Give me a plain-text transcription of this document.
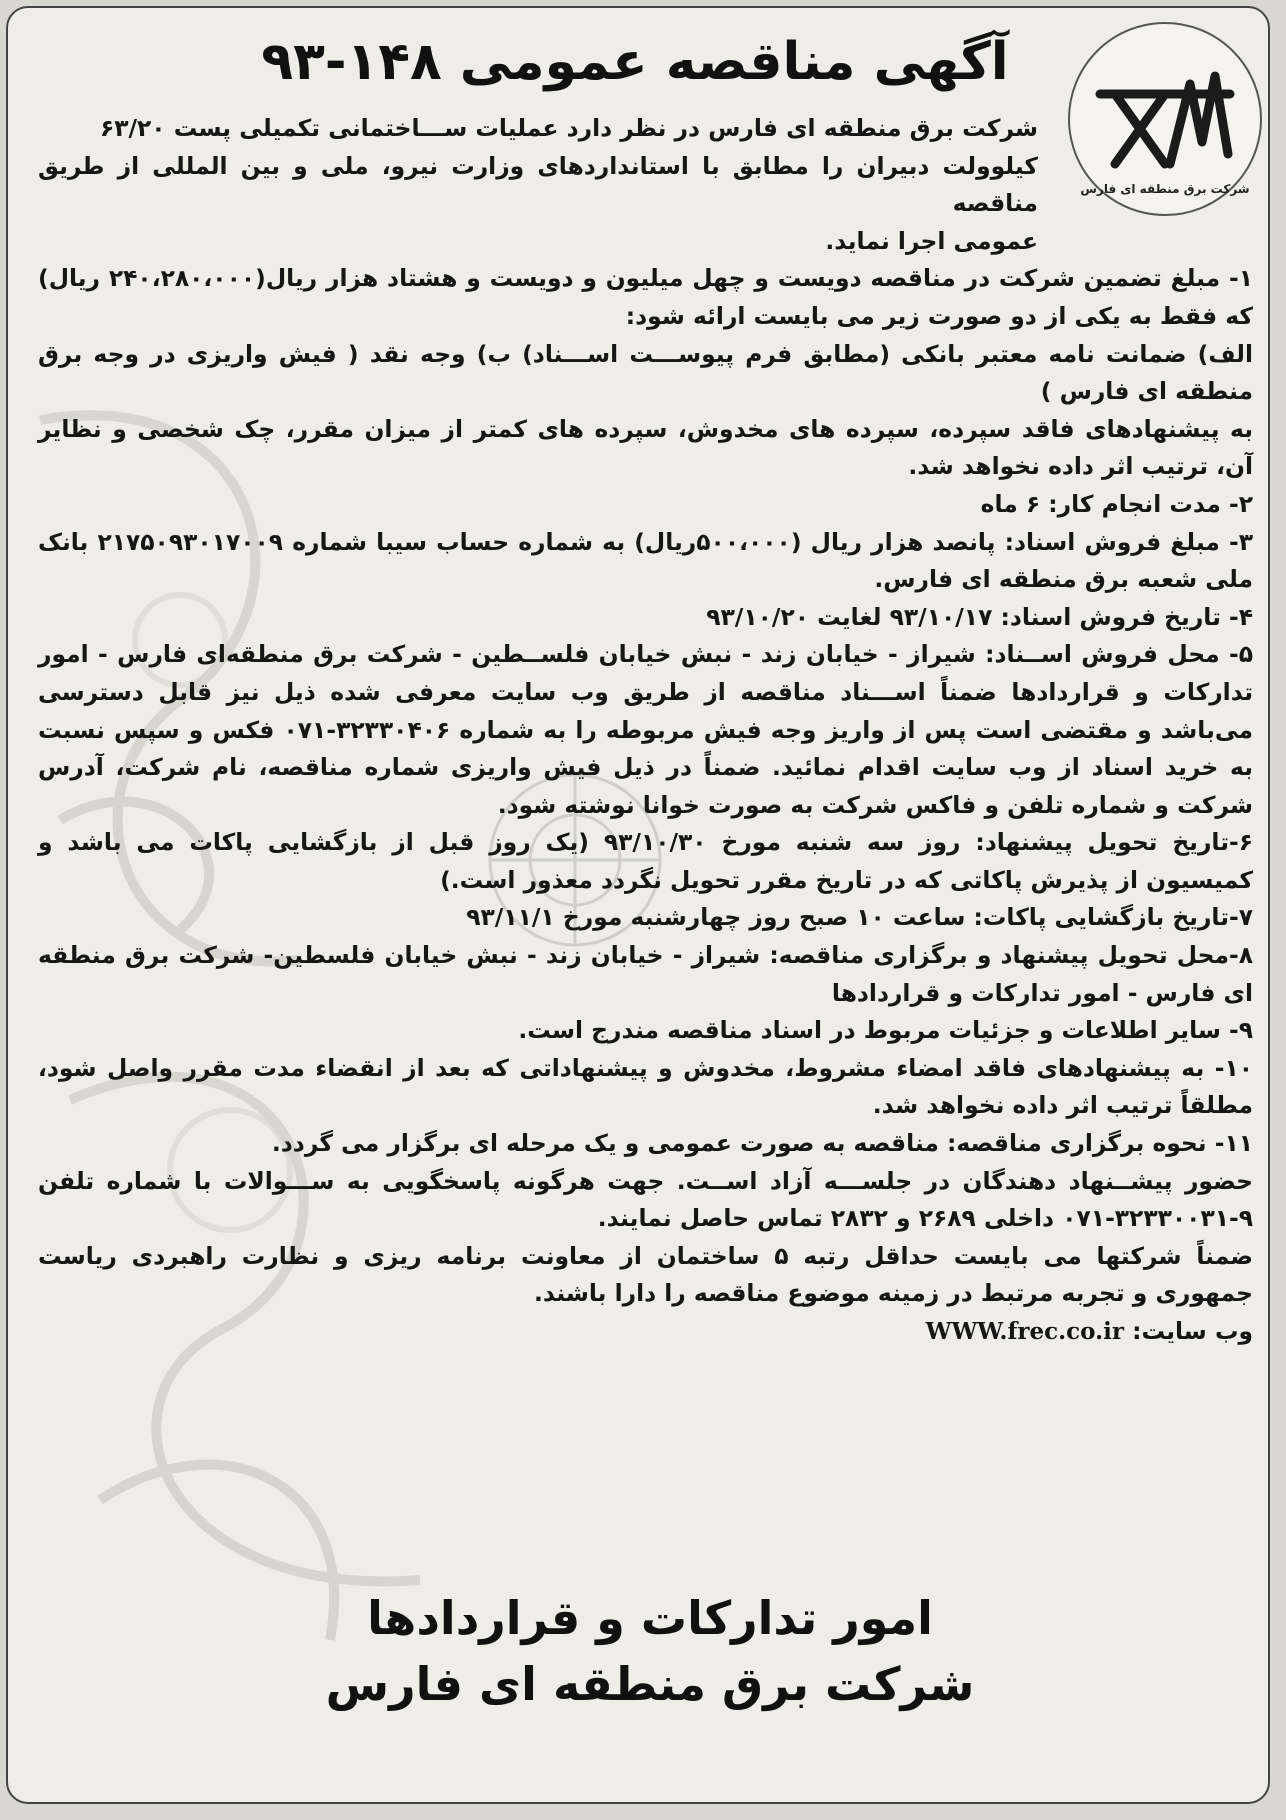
شرکت برق منطقه ای فارس
آگهی مناقصه عمومی ۱۴۸-۹۳

شرکت برق منطقه ای فارس در نظر دارد عملیات ســـاختمانی تکمیلی پست ۶۳/۲۰

کیلوولت دبیران را مطابق با استانداردهای وزارت نیرو، ملی و بین المللی از طریق مناقصه

عمومی اجرا نماید.

۱- مبلغ تضمین شرکت در مناقصه دویست و چهل میلیون و دویست و هشتاد هزار ریال(۲۴۰،۲۸۰،۰۰۰ ریال) که فقط به یکی از دو صورت زیر می بایست ارائه شود:

الف) ضمانت نامه معتبر بانکی (مطابق فرم پیوســـت اســـناد) ب) وجه نقد ( فیش واریزی در وجه برق منطقه ای فارس )

به پیشنهادهای فاقد سپرده، سپرده های مخدوش، سپرده های کمتر از میزان مقرر، چک شخصی و نظایر آن، ترتیب اثر داده نخواهد شد.

۲- مدت انجام کار: ۶ ماه

۳- مبلغ فروش اسناد: پانصد هزار ریال (۵۰۰،۰۰۰ریال) به شماره حساب سیبا شماره ۲۱۷۵۰۹۳۰۱۷۰۰۹ بانک ملی شعبه برق منطقه ای فارس.

۴- تاریخ فروش اسناد: ۹۳/۱۰/۱۷ لغایت ۹۳/۱۰/۲۰

۵- محل فروش اســناد: شیراز - خیابان زند - نبش خیابان فلســطین - شرکت برق منطقه‌ای فارس - امور تدارکات و قراردادها ضمناً اســـناد مناقصه از طریق وب سایت معرفی شده ذیل نیز قابل دسترسی می‌باشد و مقتضی است پس از واریز وجه فیش مربوطه را به شماره ۳۲۳۳۰۴۰۶-۰۷۱ فکس و سپس نسبت به خرید اسناد از وب سایت اقدام نمائید. ضمناً در ذیل فیش واریزی شماره مناقصه، نام شرکت، آدرس شرکت و شماره تلفن و فاکس شرکت به صورت خوانا نوشته شود.

۶-تاریخ تحویل پیشنهاد: روز سه شنبه مورخ ۹۳/۱۰/۳۰ (یک روز قبل از بازگشایی پاکات می باشد و کمیسیون از پذیرش پاکاتی که در تاریخ مقرر تحویل نگردد معذور است.)

۷-تاریخ بازگشایی پاکات: ساعت ۱۰ صبح روز چهارشنبه مورخ ۹۳/۱۱/۱

۸-محل تحویل پیشنهاد و برگزاری مناقصه: شیراز - خیابان زند - نبش خیابان فلسطین- شرکت برق منطقه ای فارس - امور تدارکات و قراردادها

۹- سایر اطلاعات و جزئیات مربوط در اسناد مناقصه مندرج است.

۱۰- به پیشنهادهای فاقد امضاء مشروط، مخدوش و پیشنهاداتی که بعد از انقضاء مدت مقرر واصل شود، مطلقاً ترتیب اثر داده نخواهد شد.

۱۱- نحوه برگزاری مناقصه: مناقصه به صورت عمومی و یک مرحله ای برگزار می گردد.

حضور پیشــنهاد دهندگان در جلســـه آزاد اســت. جهت هرگونه پاسخگویی به ســـوالات با شماره تلفن ۹-۳۲۳۳۰۰۳۱-۰۷۱ داخلی ۲۶۸۹ و ۲۸۳۲ تماس حاصل نمایند.

ضمناً شرکتها می بایست حداقل رتبه ۵ ساختمان از معاونت برنامه ریزی و نظارت راهبردی ریاست جمهوری و تجربه مرتبط در زمینه موضوع مناقصه را دارا باشند.

وب سایت: WWW.frec.co.ir

امور تدارکات و قراردادها
شرکت برق منطقه ای فارس
